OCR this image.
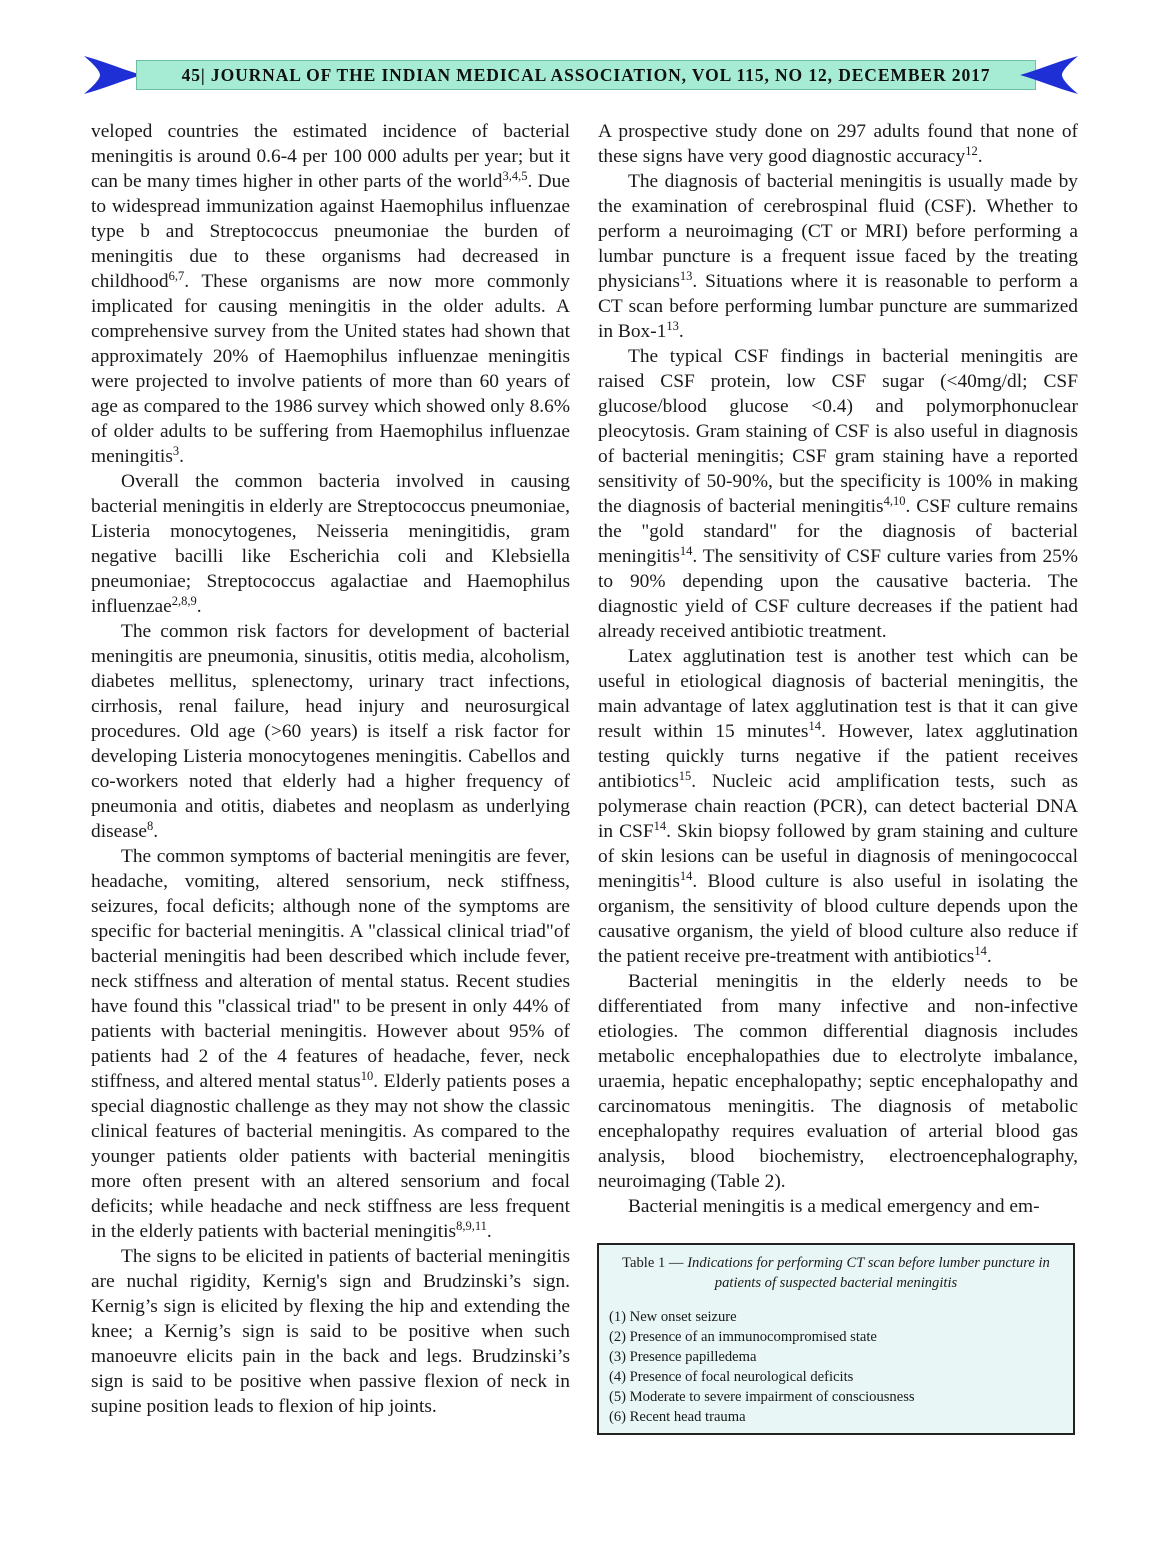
45| JOURNAL OF THE INDIAN MEDICAL ASSOCIATION, VOL 115, NO 12, DECEMBER 2017

veloped countries the estimated incidence of bacterial meningitis is around 0.6-4 per 100 000 adults per year; but it can be many times higher in other parts of the world$^{3,4,5}$. Due to widespread immunization against Haemophilus influenzae type b and Streptococcus pneumoniae the burden of meningitis due to these organisms had decreased in childhood$^{6,7}$. These organisms are now more commonly implicated for causing meningitis in the older adults. A comprehensive survey from the United states had shown that approximately 20% of Haemophilus influenzae meningitis were projected to involve patients of more than 60 years of age as compared to the 1986 survey which showed only 8.6% of older adults to be suffering from Haemophilus influenzae meningitis$^3$.

Overall the common bacteria involved in causing bacterial meningitis in elderly are Streptococcus pneumoniae, Listeria monocytogenes, Neisseria meningitidis, gram negative bacilli like Escherichia coli and Klebsiella pneumoniae; Streptococcus agalactiae and Haemophilus influenzae$^{2,8,9}$.

The common risk factors for development of bacterial meningitis are pneumonia, sinusitis, otitis media, alcoholism, diabetes mellitus, splenectomy, urinary tract infections, cirrhosis, renal failure, head injury and neurosurgical procedures. Old age (>60 years) is itself a risk factor for developing Listeria monocytogenes meningitis. Cabellos and co-workers noted that elderly had a higher frequency of pneumonia and otitis, diabetes and neoplasm as underlying disease$^8$.

The common symptoms of bacterial meningitis are fever, headache, vomiting, altered sensorium, neck stiffness, seizures, focal deficits; although none of the symptoms are specific for bacterial meningitis. A "classical clinical triad"of bacterial meningitis had been described which include fever, neck stiffness and alteration of mental status. Recent studies have found this "classical triad" to be present in only 44% of patients with bacterial meningitis. However about 95% of patients had 2 of the 4 features of headache, fever, neck stiffness, and altered mental status$^{10}$. Elderly patients poses a special diagnostic challenge as they may not show the classic clinical features of bacterial meningitis. As compared to the younger patients older patients with bacterial meningitis more often present with an altered sensorium and focal deficits; while headache and neck stiffness are less frequent in the elderly patients with bacterial meningitis$^{8,9,11}$.

The signs to be elicited in patients of bacterial meningitis are nuchal rigidity, Kernig's sign and Brudzinski’s sign. Kernig’s sign is elicited by flexing the hip and extending the knee; a Kernig’s sign is said to be positive when such manoeuvre elicits pain in the back and legs. Brudzinski’s sign is said to be positive when passive flexion of neck in supine position leads to flexion of hip joints.

A prospective study done on 297 adults found that none of these signs have very good diagnostic accuracy$^{12}$.

The diagnosis of bacterial meningitis is usually made by the examination of cerebrospinal fluid (CSF). Whether to perform a neuroimaging (CT or MRI) before performing a lumbar puncture is a frequent issue faced by the treating physicians$^{13}$. Situations where it is reasonable to perform a CT scan before performing lumbar puncture are summarized in Box-$1^{13}$.

The typical CSF findings in bacterial meningitis are raised CSF protein, low CSF sugar (<40mg/dl; CSF glucose/blood glucose <0.4) and polymorphonuclear pleocytosis. Gram staining of CSF is also useful in diagnosis of bacterial meningitis; CSF gram staining have a reported sensitivity of 50-90%, but the specificity is 100% in making the diagnosis of bacterial meningitis$^{4,10}$. CSF culture remains the "gold standard" for the diagnosis of bacterial meningitis$^{14}$. The sensitivity of CSF culture varies from 25% to 90% depending upon the causative bacteria. The diagnostic yield of CSF culture decreases if the patient had already received antibiotic treatment.

Latex agglutination test is another test which can be useful in etiological diagnosis of bacterial meningitis, the main advantage of latex agglutination test is that it can give result within 15 minutes$^{14}$. However, latex agglutination testing quickly turns negative if the patient receives antibiotics$^{15}$. Nucleic acid amplification tests, such as polymerase chain reaction (PCR), can detect bacterial DNA in CSF$^{14}$. Skin biopsy followed by gram staining and culture of skin lesions can be useful in diagnosis of meningococcal meningitis$^{14}$. Blood culture is also useful in isolating the organism, the sensitivity of blood culture depends upon the causative organism, the yield of blood culture also reduce if the patient receive pre-treatment with antibiotics$^{14}$.

Bacterial meningitis in the elderly needs to be differentiated from many infective and non-infective etiologies. The common differential diagnosis includes metabolic encephalopathies due to electrolyte imbalance, uraemia, hepatic encephalopathy; septic encephalopathy and carcinomatous meningitis. The diagnosis of metabolic encephalopathy requires evaluation of arterial blood gas analysis, blood biochemistry, electroencephalography, neuroimaging (Table 2).

Bacterial meningitis is a medical emergency and em-

Table 1 — Indications for performing CT scan before lumber puncture in patients of suspected bacterial meningitis

(1) New onset seizure
(2) Presence of an immunocompromised state
(3) Presence papilledema
(4) Presence of focal neurological deficits
(5) Moderate to severe impairment of consciousness
(6) Recent head trauma
